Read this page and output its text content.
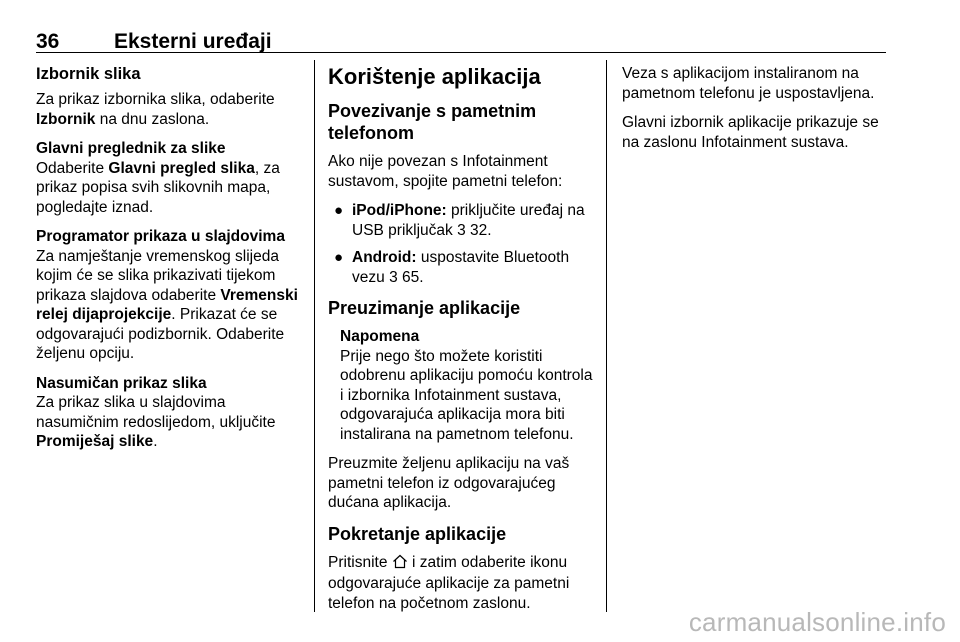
36	Eksterni uređaji
Izbornik slika

Za prikaz izbornika slika, odaberite Izbornik na dnu zaslona.

Glavni preglednik za slike

Odaberite Glavni pregled slika, za prikaz popisa svih slikovnih mapa, pogledajte iznad.

Programator prikaza u slajdovima

Za namještanje vremenskog slijeda kojim će se slika prikazivati tijekom prikaza slajdova odaberite Vremenski relej dijaprojekcije. Prikazat će se odgovarajući podizbornik. Odaberite željenu opciju.

Nasumičan prikaz slika

Za prikaz slika u slajdovima nasumičnim redoslijedom, uključite Promiješaj slike.

Korištenje aplikacija
Povezivanje s pametnim telefonom

Ako nije povezan s Infotainment sustavom, spojite pametni telefon:

● iPod/iPhone: priključite uređaj na USB priključak 3 32.
● Android: uspostavite Bluetooth vezu 3 65.
Preuzimanje aplikacije

Napomena

Prije nego što možete koristiti odobrenu aplikaciju pomoću kontrola i izbornika Infotainment sustava, odgovarajuća aplikacija mora biti instalirana na pametnom telefonu.

Preuzmite željenu aplikaciju na vaš pametni telefon iz odgovarajućeg dućana aplikacija.

Pokretanje aplikacije

Pritisnite  i zatim odaberite ikonu odgovarajuće aplikacije za pametni telefon na početnom zaslonu.

Veza s aplikacijom instaliranom na pametnom telefonu je uspostavljena.

Glavni izbornik aplikacije prikazuje se na zaslonu Infotainment sustava.

carmanualsonline.info
